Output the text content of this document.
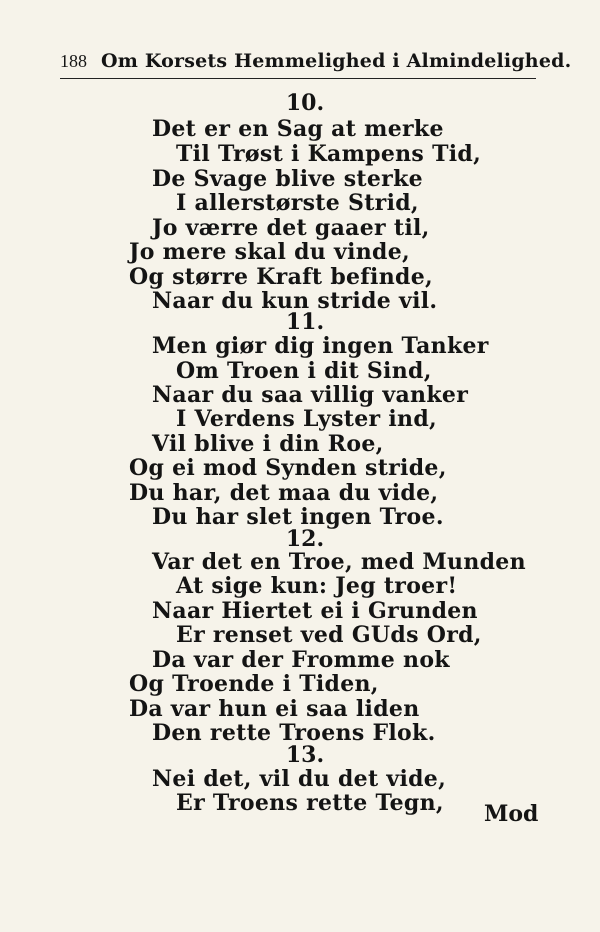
188 Om Korsets Hemmelighed i Almindelighed.
10.
Det er en Sag at merke
Til Trøst i Kampens Tid,
De Svage blive sterke
I allerstørste Strid,
Jo værre det gaaer til,
Jo mere skal du vinde,
Og større Kraft befinde,
Naar du kun stride vil.
11.
Men giør dig ingen Tanker
Om Troen i dit Sind,
Naar du saa villig vanker
I Verdens Lyster ind,
Vil blive i din Roe,
Og ei mod Synden stride,
Du har, det maa du vide,
Du har slet ingen Troe.
12.
Var det en Troe, med Munden
At sige kun: Jeg troer!
Naar Hiertet ei i Grunden
Er renset ved GUds Ord,
Da var der Fromme nok
Og Troende i Tiden,
Da var hun ei saa liden
Den rette Troens Flok.
13.
Nei det, vil du det vide,
Er Troens rette Tegn, Mod
